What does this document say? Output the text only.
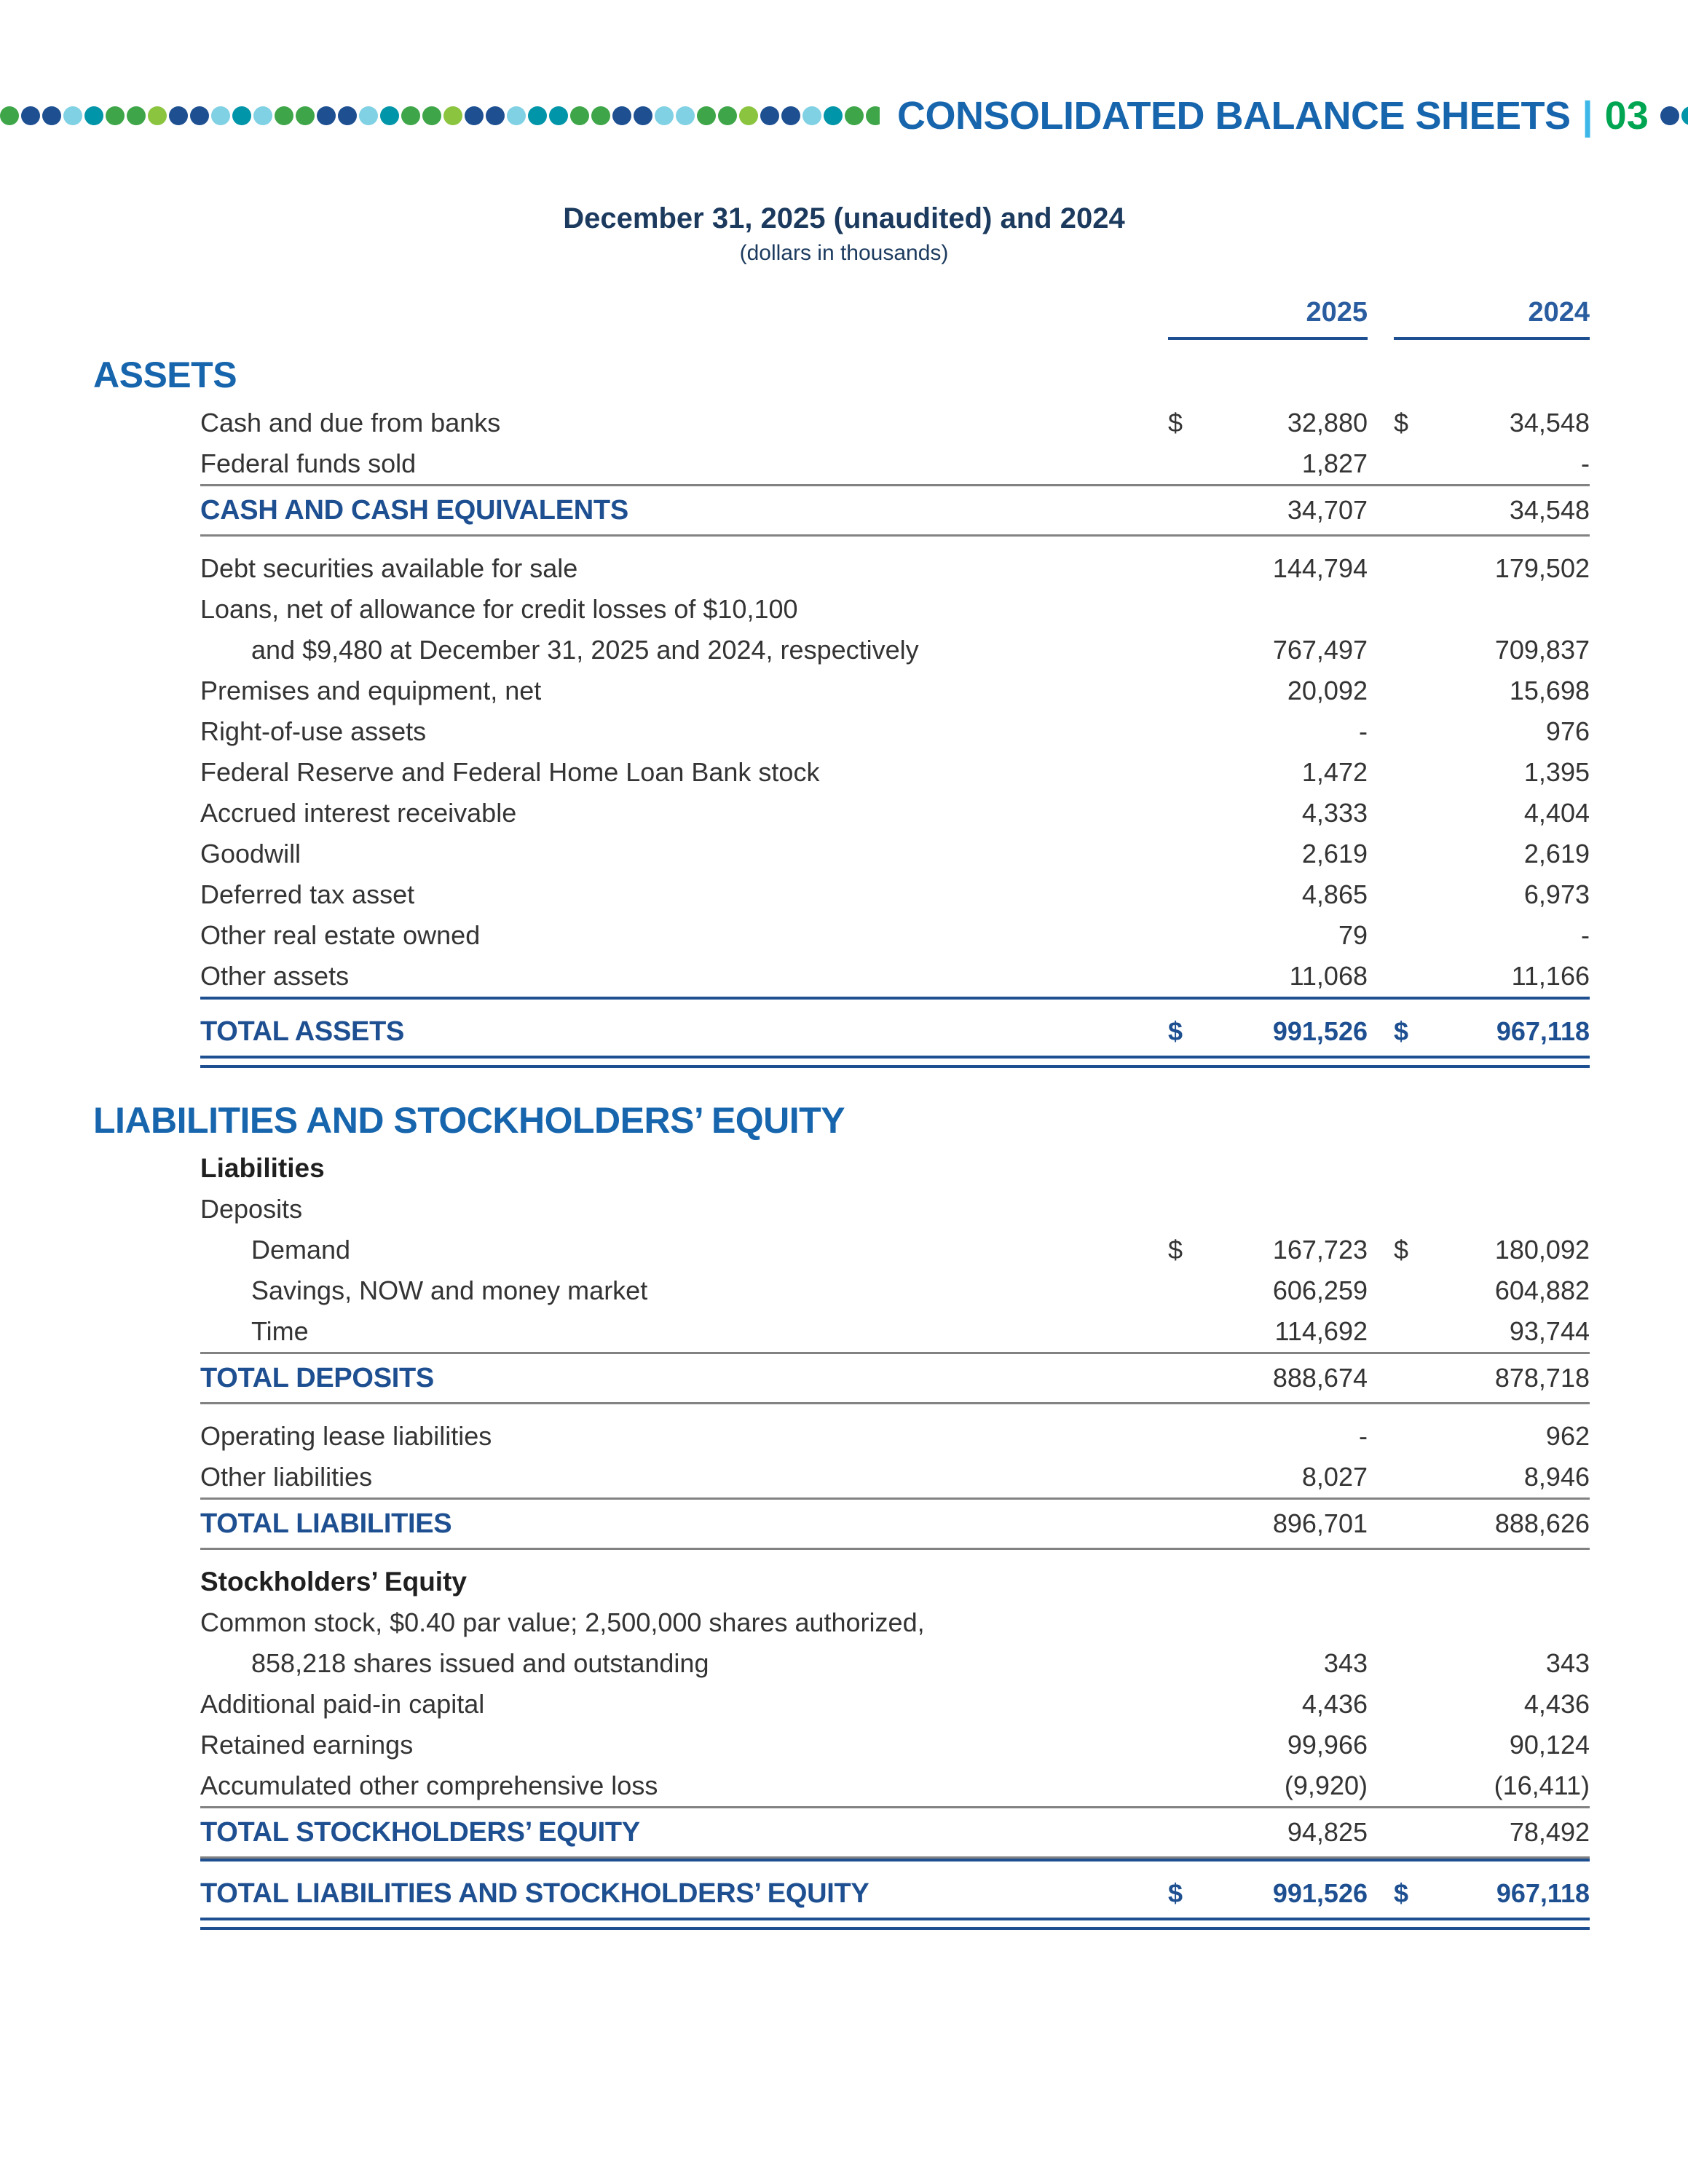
CONSOLIDATED BALANCE SHEETS | 03
December 31, 2025 (unaudited) and 2024
(dollars in thousands)
2025	2024
ASSETS
Cash and due from banks	$	32,880 $	34,548
Federal funds sold	1,827	-
CASH AND CASH EQUIVALENTS	34,707	34,548
Debt securities available for sale	144,794	179,502
Loans, net of allowance for credit losses of $10,100
and $9,480 at December 31, 2025 and 2024, respectively	767,497	709,837
Premises and equipment, net	20,092	15,698
Right-of-use assets	-	976
Federal Reserve and Federal Home Loan Bank stock	1,472	1,395
Accrued interest receivable	4,333	4,404
Goodwill	2,619	2,619
Deferred tax asset	4,865	6,973
Other real estate owned	79	-
Other assets	11,068	11,166
TOTAL ASSETS	$	991,526 $	967,118
LIABILITIES AND STOCKHOLDERS’ EQUITY
Liabilities
Deposits
Demand	$	167,723 $	180,092
Savings, NOW and money market	606,259	604,882
Time	114,692	93,744
TOTAL DEPOSITS	888,674	878,718
Operating lease liabilities	-	962
Other liabilities	8,027	8,946
TOTAL LIABILITIES	896,701	888,626
Stockholders’ Equity
Common stock, $0.40 par value; 2,500,000 shares authorized,
858,218 shares issued and outstanding	343	343
Additional paid-in capital	4,436	4,436
Retained earnings	99,966	90,124
Accumulated other comprehensive loss	(9,920)	(16,411)
TOTAL STOCKHOLDERS’ EQUITY	94,825	78,492
TOTAL LIABILITIES AND STOCKHOLDERS’ EQUITY	$	991,526 $	967,118
